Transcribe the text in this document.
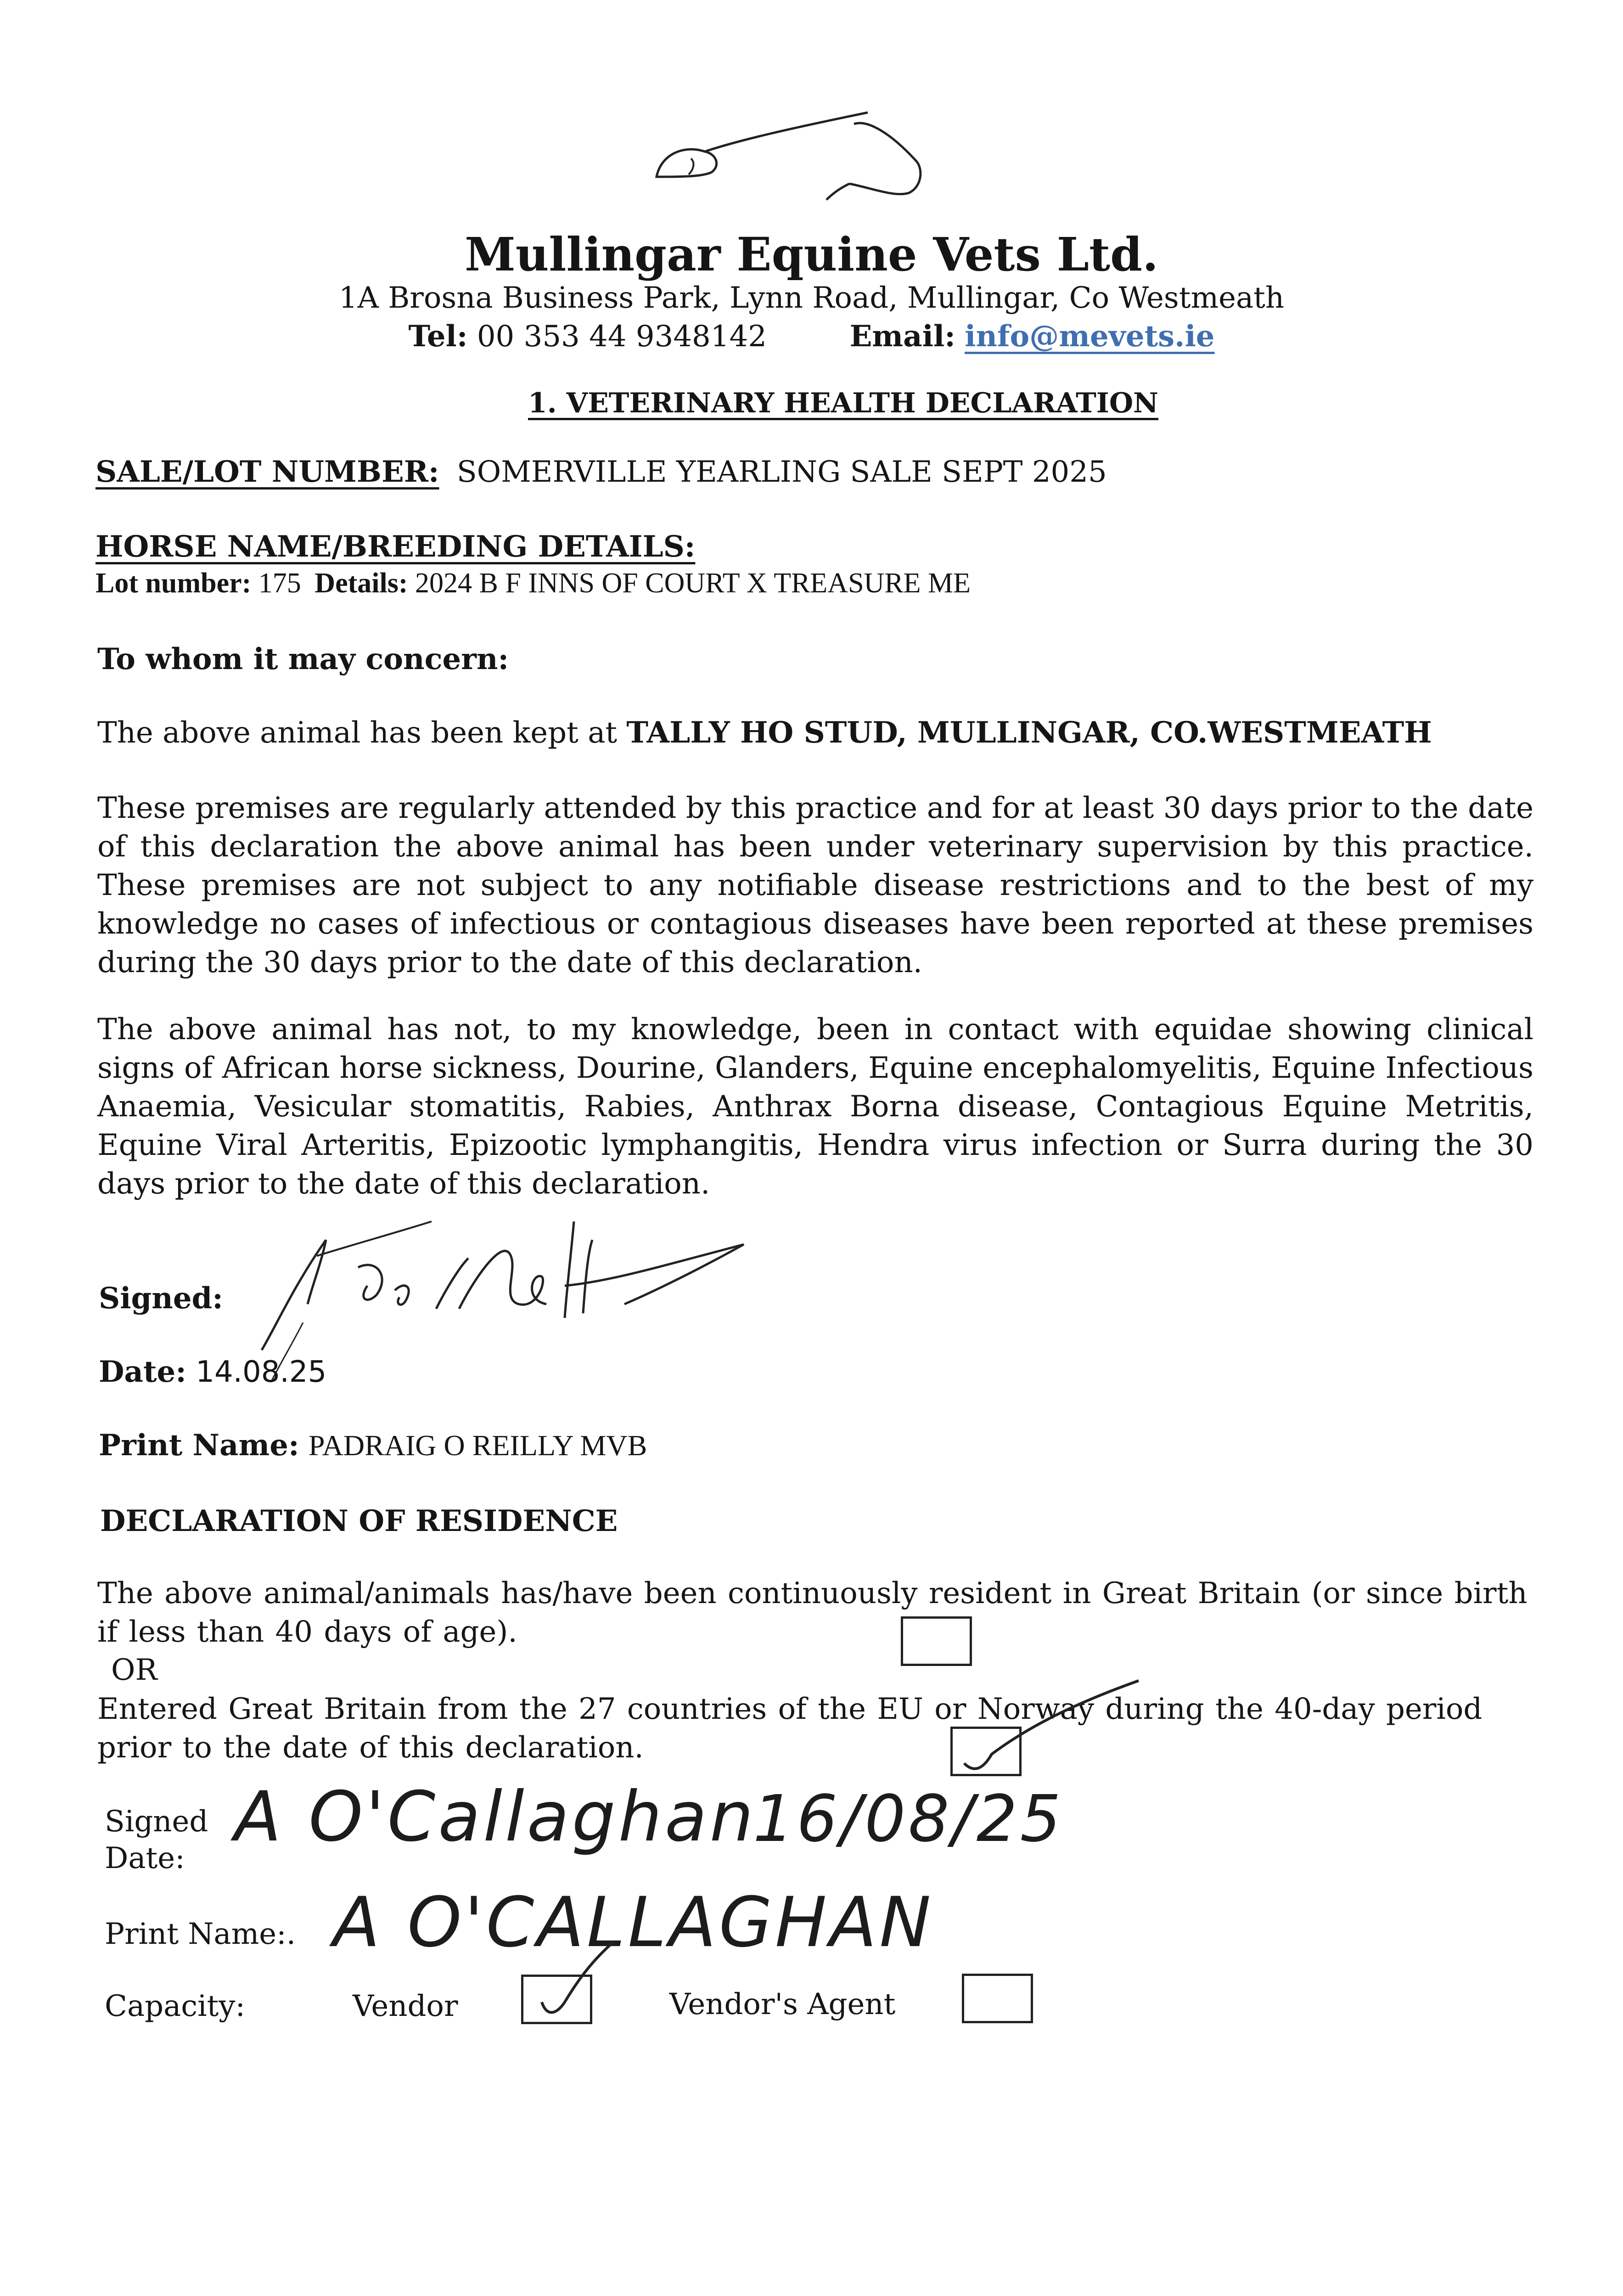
Mullingar Equine Vets Ltd.
1A Brosna Business Park, Lynn Road, Mullingar, Co Westmeath
Tel: 00 353 44 9348142	Email: info@mevets.ie
1. VETERINARY HEALTH DECLARATION
SALE/LOT NUMBER: SOMERVILLE YEARLING SALE SEPT 2025
HORSE NAME/BREEDING DETAILS:
Lot number: 175 Details: 2024 B F INNS OF COURT X TREASURE ME
To whom it may concern:
The above animal has been kept at TALLY HO STUD, MULLINGAR, CO.WESTMEATH
These premises are regularly attended by this practice and for at least 30 days prior to the date of this declaration the above animal has been under veterinary supervision by this practice. These premises are not subject to any notifiable disease restrictions and to the best of my knowledge no cases of infectious or contagious diseases have been reported at these premises during the 30 days prior to the date of this declaration.
The above animal has not, to my knowledge, been in contact with equidae showing clinical signs of African horse sickness, Dourine, Glanders, Equine encephalomyelitis, Equine Infectious Anaemia, Vesicular stomatitis, Rabies, Anthrax Borna disease, Contagious Equine Metritis, Equine Viral Arteritis, Epizootic lymphangitis, Hendra virus infection or Surra during the 30 days prior to the date of this declaration.
Signed:
Date: 14.08.25
Print Name: PADRAIG O REILLY MVB
DECLARATION OF RESIDENCE
The above animal/animals has/have been continuously resident in Great Britain (or since birth if less than 40 days of age).
OR
Entered Great Britain from the 27 countries of the EU or Norway during the 40-day period prior to the date of this declaration.
Signed
Date:
A O'Callaghan
16/08/25
Print Name:. A O'CALLAGHAN
Capacity:	Vendor	Vendor's Agent
